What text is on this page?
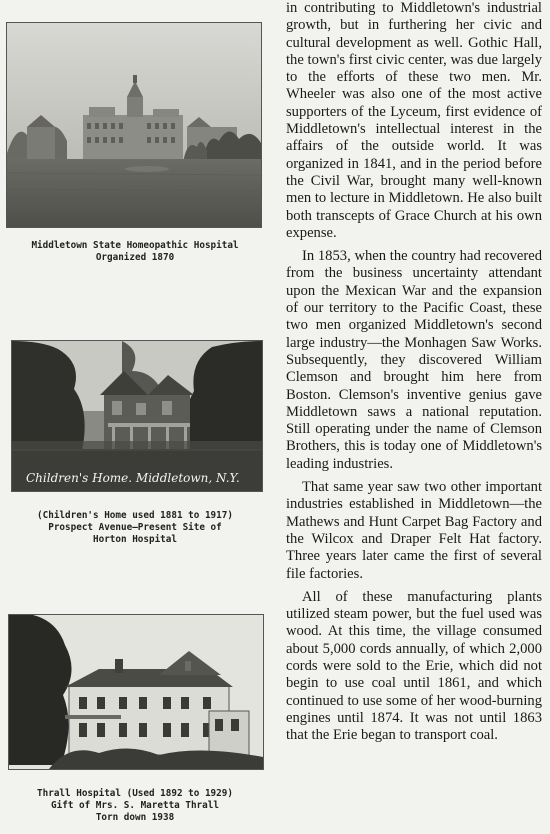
Middletown State Homeopathic Hospital
Organized 1870
Children's Home. Middletown, N.Y.
(Children's Home used 1881 to 1917)
Prospect Avenue—Present Site of
Horton Hospital
Thrall Hospital (Used 1892 to 1929)
Gift of Mrs. S. Maretta Thrall
Torn down 1938

in contributing to Middletown's industrial growth, but in furthering her civic and cultural development as well. Gothic Hall, the town's first civic center, was due largely to the efforts of these two men. Mr. Wheeler was also one of the most active supporters of the Lyceum, first evidence of Middletown's intellectual interest in the affairs of the outside world. It was organized in 1841, and in the period before the Civil War, brought many well-known men to lecture in Middletown. He also built both transcepts of Grace Church at his own expense.

In 1853, when the country had recovered from the business uncertainty attendant upon the Mexican War and the expansion of our territory to the Pacific Coast, these two men organized Middletown's second large industry—the Monhagen Saw Works. Subsequently, they discovered William Clemson and brought him here from Boston. Clemson's inventive genius gave Middletown saws a national reputation. Still operating under the name of Clemson Brothers, this is today one of Middletown's leading industries.

That same year saw two other important industries established in Middletown—the Mathews and Hunt Carpet Bag Factory and the Wilcox and Draper Felt Hat factory. Three years later came the first of several file factories.

All of these manufacturing plants utilized steam power, but the fuel used was wood. At this time, the village consumed about 5,000 cords annually, of which 2,000 cords were sold to the Erie, which did not begin to use coal until 1861, and which continued to use some of her wood-burning engines until 1874. It was not until 1863 that the Erie began to transport coal.
